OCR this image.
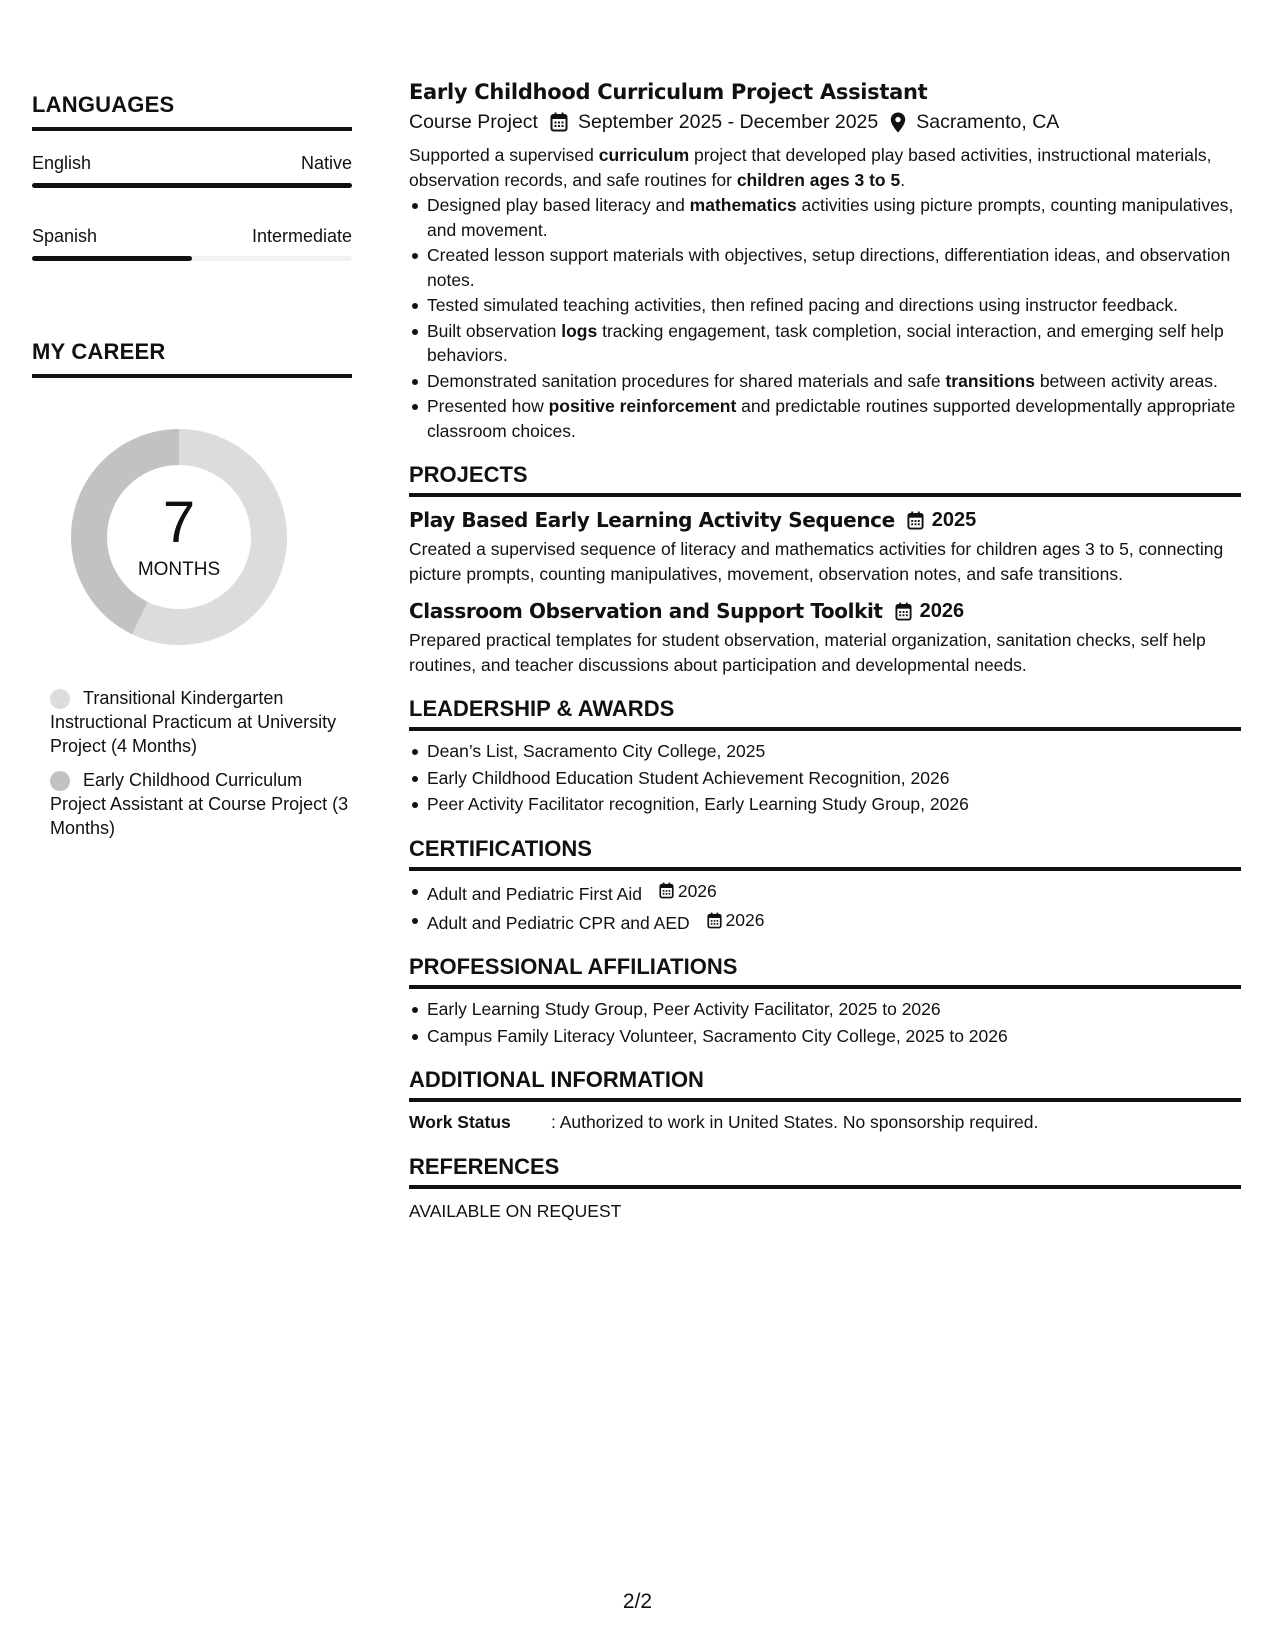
LANGUAGES
English	Native
Spanish	Intermediate
MY CAREER
7
MONTHS
Transitional Kindergarten Instructional Practicum at University Project (4 Months)
Early Childhood Curriculum Project Assistant at Course Project (3 Months)
Early Childhood Curriculum Project Assistant
Course Project September 2025 - December 2025 Sacramento, CA

Supported a supervised curriculum project that developed play based activities, instructional materials, observation records, and safe routines for children ages 3 to 5.

Designed play based literacy and mathematics activities using picture prompts, counting manipulatives, and movement.
Created lesson support materials with objectives, setup directions, differentiation ideas, and observation notes.
Tested simulated teaching activities, then refined pacing and directions using instructor feedback.
Built observation logs tracking engagement, task completion, social interaction, and emerging self help behaviors.
Demonstrated sanitation procedures for shared materials and safe transitions between activity areas.
Presented how positive reinforcement and predictable routines supported developmentally appropriate classroom choices.
PROJECTS
Play Based Early Learning Activity Sequence 2025

Created a supervised sequence of literacy and mathematics activities for children ages 3 to 5, connecting picture prompts, counting manipulatives, movement, observation notes, and safe transitions.

Classroom Observation and Support Toolkit 2026

Prepared practical templates for student observation, material organization, sanitation checks, self help routines, and teacher discussions about participation and developmental needs.

LEADERSHIP & AWARDS
Dean’s List, Sacramento City College, 2025
Early Childhood Education Student Achievement Recognition, 2026
Peer Activity Facilitator recognition, Early Learning Study Group, 2026
CERTIFICATIONS
Adult and Pediatric First Aid 2026
Adult and Pediatric CPR and AED 2026
PROFESSIONAL AFFILIATIONS
Early Learning Study Group, Peer Activity Facilitator, 2025 to 2026
Campus Family Literacy Volunteer, Sacramento City College, 2025 to 2026
ADDITIONAL INFORMATION
Work Status	: Authorized to work in United States. No sponsorship required.
REFERENCES
AVAILABLE ON REQUEST
2/2
